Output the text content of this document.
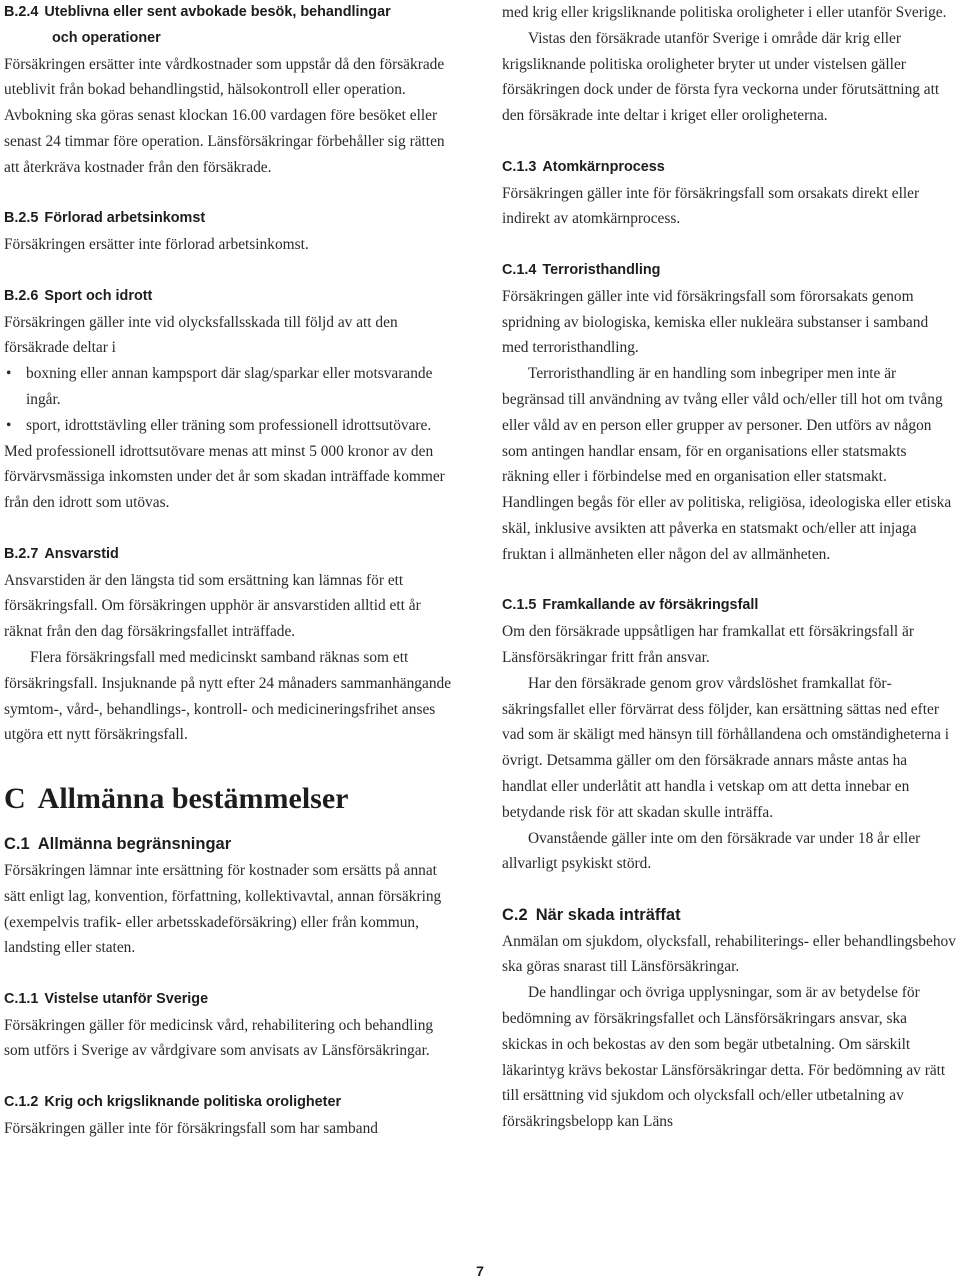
B.2.4 Uteblivna eller sent avbokade besök, behandlingar
och operationer

Försäkringen ersätter inte vårdkostnader som uppstår då den försäkrade uteblivit från bokad behandlingstid, hälsokontroll eller operation. Avbokning ska göras senast klockan 16.00 vardagen före besöket eller senast 24 timmar före operation. Länsförsäkringar förbehåller sig rätten att återkräva kostnader från den försäkrade.

B.2.5 Förlorad arbetsinkomst

Försäkringen ersätter inte förlorad arbetsinkomst.

B.2.6 Sport och idrott

Försäkringen gäller inte vid olycksfallsskada till följd av att den försäkrade deltar i

• boxning eller annan kampsport där slag/sparkar eller motsvarande ingår.
• sport, idrottstävling eller träning som professionell idrottsutövare.

Med professionell idrottsutövare menas att minst 5 000 kronor av den förvärvsmässiga inkomsten under det år som skadan inträffade kommer från den idrott som utövas.

B.2.7 Ansvarstid

Ansvarstiden är den längsta tid som ersättning kan lämnas för ett försäkringsfall. Om försäkringen upphör är ansvarstiden alltid ett år räknat från den dag försäkringsfallet inträffade.

Flera försäkringsfall med medicinskt samband räknas som ett försäkringsfall. Insjuknande på nytt efter 24 månaders sammanhängande symtom-, vård-, behandlings-, kontroll- och medicineringsfrihet anses utgöra ett nytt försäkringsfall.

C Allmänna bestämmelser
C.1 Allmänna begränsningar

Försäkringen lämnar inte ersättning för kostnader som ersätts på annat sätt enligt lag, konvention, författning, kollektivavtal, annan försäkring (exempelvis trafik- eller arbetsskadeförsäkring) eller från kommun, landsting eller staten.

C.1.1 Vistelse utanför Sverige

Försäkringen gäller för medicinsk vård, rehabilitering och behandling som utförs i Sverige av vårdgivare som anvisats av Länsförsäkringar.

C.1.2 Krig och krigsliknande politiska oroligheter

Försäkringen gäller inte för försäkringsfall som har samband

med krig eller krigsliknande politiska oroligheter i eller utanför Sverige.

Vistas den försäkrade utanför Sverige i område där krig eller krigsliknande politiska oroligheter bryter ut under vistelsen gäller försäkringen dock under de första fyra veckorna under förutsättning att den försäkrade inte deltar i kriget eller oroligheterna.

C.1.3 Atomkärnprocess

Försäkringen gäller inte för försäkringsfall som orsakats direkt eller indirekt av atomkärnprocess.

C.1.4 Terroristhandling

Försäkringen gäller inte vid försäkringsfall som förorsakats genom spridning av biologiska, kemiska eller nukleära substanser i samband med terroristhandling.

Terroristhandling är en handling som inbegriper men inte är begränsad till användning av tvång eller våld och/eller till hot om tvång eller våld av en person eller grupper av personer. Den utförs av någon som antingen handlar ensam, för en organisations eller statsmakts räkning eller i förbindelse med en organisation eller statsmakt. Handlingen begås för eller av politiska, religiösa, ideologiska eller etiska skäl, inklusive avsikten att påverka en statsmakt och/eller att injaga fruktan i allmänheten eller någon del av allmänheten.

C.1.5 Framkallande av försäkringsfall

Om den försäkrade uppsåtligen har framkallat ett försäkringsfall är Länsförsäkringar fritt från ansvar.

Har den försäkrade genom grov vårdslöshet framkallat försäkringsfallet eller förvärrat dess följder, kan ersättning sättas ned efter vad som är skäligt med hänsyn till förhållandena och omständigheterna i övrigt. Detsamma gäller om den försäkrade annars måste antas ha handlat eller underlåtit att handla i vetskap om att detta innebar en betydande risk för att skadan skulle inträffa.

Ovanstående gäller inte om den försäkrade var under 18 år eller allvarligt psykiskt störd.

C.2 När skada inträffat

Anmälan om sjukdom, olycksfall, rehabiliterings- eller behandlingsbehov ska göras snarast till Länsförsäkringar.

De handlingar och övriga upplysningar, som är av betydelse för bedömning av försäkringsfallet och Länsförsäkringars ansvar, ska skickas in och bekostas av den som begär utbetalning. Om särskilt läkarintyg krävs bekostar Länsförsäkringar detta. För bedömning av rätt till ersättning vid sjukdom och olycksfall och/eller utbetalning av försäkringsbelopp kan Läns

7
